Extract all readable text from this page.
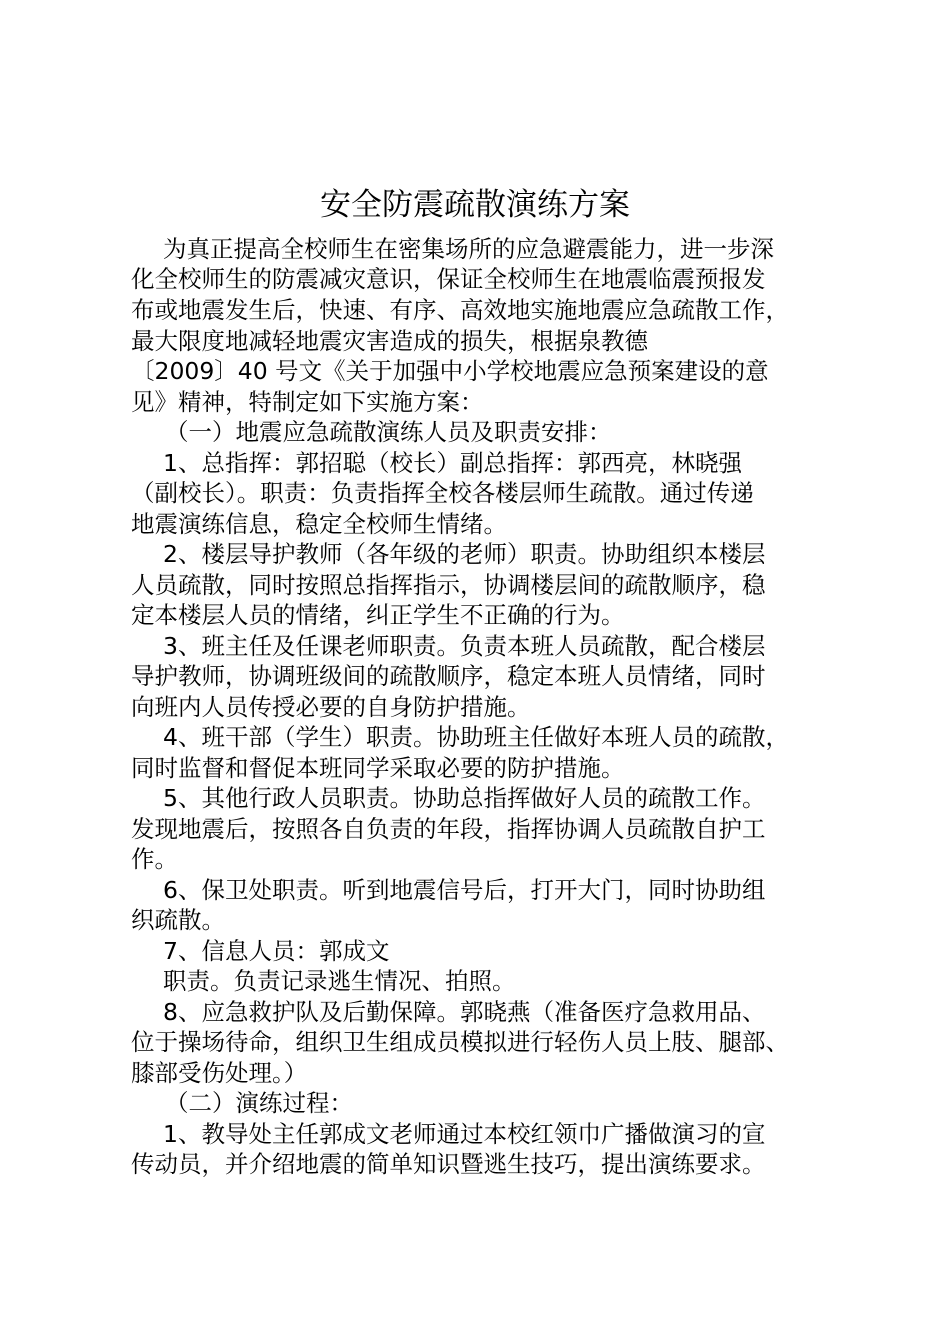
安全防震疏散演练方案
为真正提高全校师生在密集场所的应急避震能力，进一步深
化全校师生的防震减灾意识，保证全校师生在地震临震预报发
布或地震发生后，快速、有序、高效地实施地震应急疏散工作，
最大限度地减轻地震灾害造成的损失，根据泉教德
〔2009〕40 号文《关于加强中小学校地震应急预案建设的意
见》精神，特制定如下实施方案：
（一）地震应急疏散演练人员及职责安排：
1、总指挥：郭招聪（校长）副总指挥：郭西亮，林晓强
（副校长）。职责：负责指挥全校各楼层师生疏散。通过传递
地震演练信息，稳定全校师生情绪。
2、楼层导护教师（各年级的老师）职责。协助组织本楼层
人员疏散，同时按照总指挥指示，协调楼层间的疏散顺序，稳
定本楼层人员的情绪，纠正学生不正确的行为。
3、班主任及任课老师职责。负责本班人员疏散，配合楼层
导护教师，协调班级间的疏散顺序，稳定本班人员情绪，同时
向班内人员传授必要的自身防护措施。
4、班干部（学生）职责。协助班主任做好本班人员的疏散，
同时监督和督促本班同学采取必要的防护措施。
5、其他行政人员职责。协助总指挥做好人员的疏散工作。
发现地震后，按照各自负责的年段，指挥协调人员疏散自护工
作。
6、保卫处职责。听到地震信号后，打开大门，同时协助组
织疏散。
7、信息人员：郭成文
职责。负责记录逃生情况、拍照。
8、应急救护队及后勤保障。郭晓燕（准备医疗急救用品、
位于操场待命，组织卫生组成员模拟进行轻伤人员上肢、腿部、
膝部受伤处理。）
（二）演练过程：
1、教导处主任郭成文老师通过本校红领巾广播做演习的宣
传动员，并介绍地震的简单知识暨逃生技巧，提出演练要求。
